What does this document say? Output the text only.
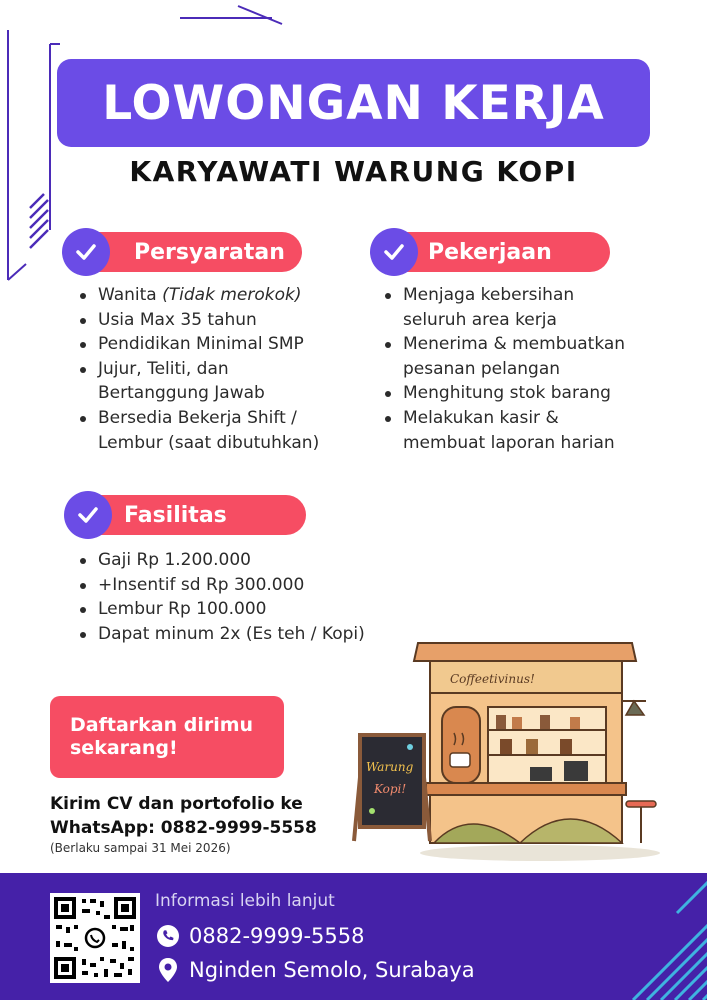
LOWONGAN KERJA
KARYAWATI WARUNG KOPI
Persyaratan
Wanita (Tidak merokok)
Usia Max 35 tahun
Pendidikan Minimal SMP
Jujur, Teliti, dan
Bertanggung Jawab
Bersedia Bekerja Shift /
Lembur (saat dibutuhkan)
Pekerjaan
Menjaga kebersihan
seluruh area kerja
Menerima & membuatkan
pesanan pelangan
Menghitung stok barang
Melakukan kasir &
membuat laporan harian
Fasilitas
Gaji Rp 1.200.000
+Insentif sd Rp 300.000
Lembur Rp 100.000
Dapat minum 2x (Es teh / Kopi)
Daftarkan dirimu
sekarang!
Kirim CV dan portofolio ke
WhatsApp: 0882-9999-5558
(Berlaku sampai 31 Mei 2026)
Coffeetivinus!
Warung
Kopi!
Informasi lebih lanjut
0882-9999-5558
Nginden Semolo, Surabaya
